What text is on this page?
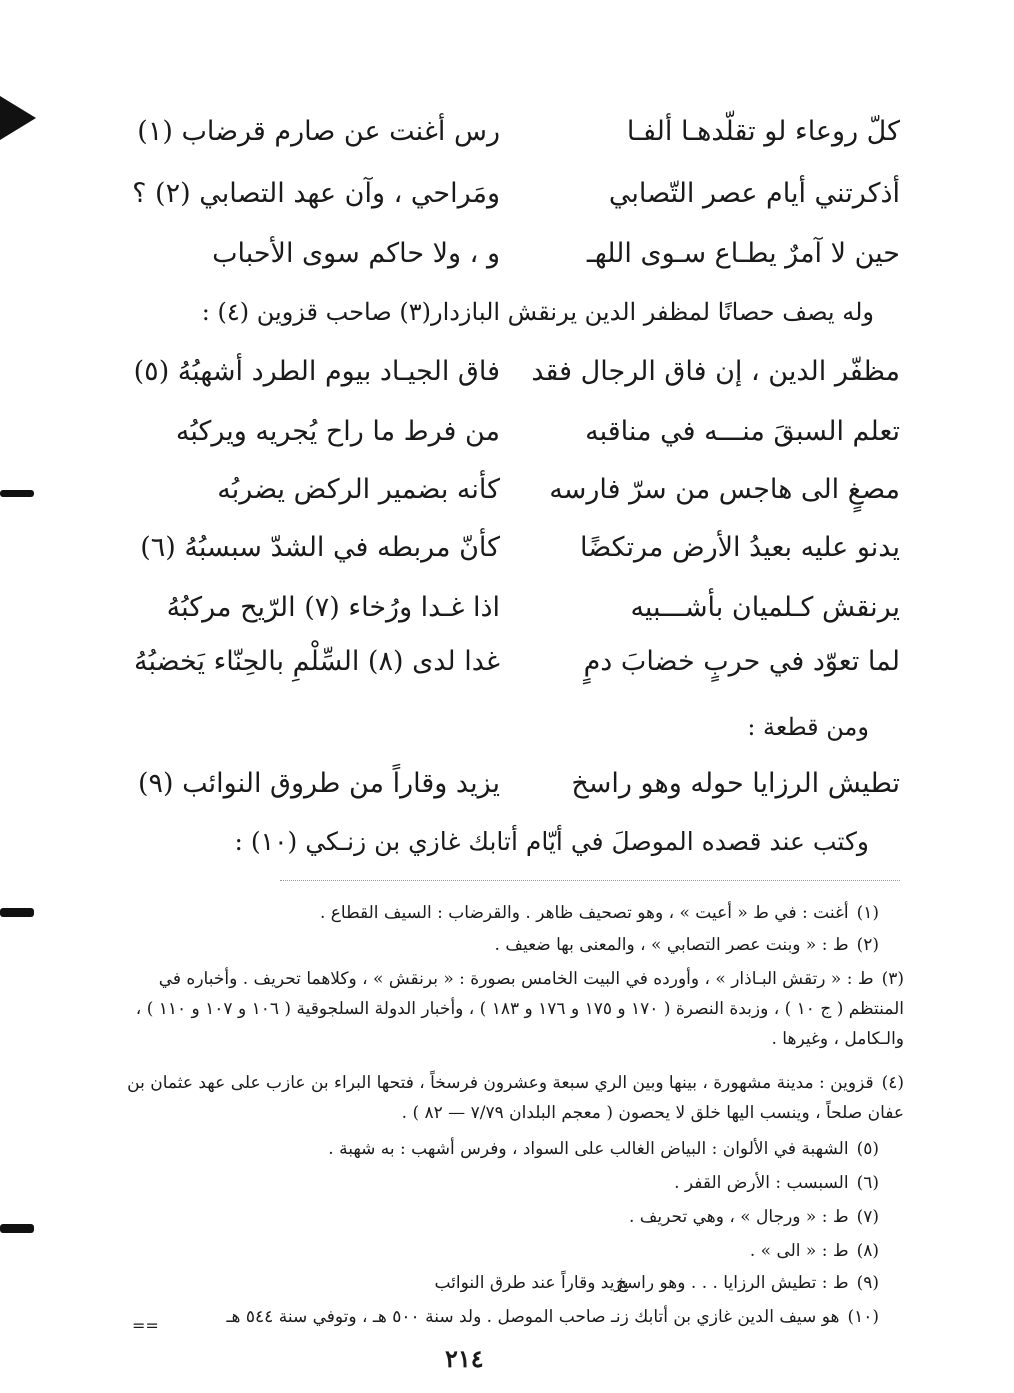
كلّ روعاء لو تقلّدهـا ألفـا
رس أغنت عن صارم قرضاب (١)
أذكرتني أيام عصر التّصابي
ومَراحي ، وآن عهد التصابي (٢) ؟
حين لا آمرٌ يطـاع سـوى اللهـ
و ، ولا حاكم سوى الأحباب
وله يصف حصانًا لمظفر الدين يرنقش البازدار(٣) صاحب قزوين (٤) :
مظفّر الدين ، إن فاق الرجال فقد
فاق الجيـاد بيوم الطرد أشهبُهُ (٥)
تعلم السبقَ منـــه في مناقبه
من فرط ما راح يُجريه ويركبُه
مصغٍ الى هاجس من سرّ فارسه
كأنه بضمير الركض يضربُه
يدنو عليه بعيدُ الأرض مرتكضًا
كأنّ مربطه في الشدّ سبسبُهُ (٦)
يرنقش كـلميان بأشـــبيه
اذا غـدا ورُخاء (٧) الرّيح مركبُهُ
لما تعوّد في حربٍ خضابَ دمٍ
غدا لدى (٨) السِّلْمِ بالحِنّاء يَخضبُهُ
ومن قطعة :
تطيش الرزايا حوله وهو راسخ
يزيد وقاراً من طروق النوائب (٩)
وكتب عند قصده الموصلَ في أيّام أتابك غازي بن زنـكي (١٠) :
(١)أغنت : في ط « أعيت » ، وهو تصحيف ظاهر . والقرضاب : السيف القطاع .
(٢)ط : « وبنت عصر التصابي » ، والمعنى بها ضعيف .
(٣)ط : « رتقش البـاذار » ، وأورده في البيت الخامس بصورة : « برنقش » ، وكلاهما تحريف . وأخباره في المنتظم ( ج ١٠ ) ، وزبدة النصرة ( ١٧٠ و ١٧٥ و ١٧٦ و ١٨٣ ) ، وأخبار الدولة السلجوقية ( ١٠٦ و ١٠٧ و ١١٠ ) ، والـكامل ، وغيرها .
(٤)قزوين : مدينة مشهورة ، بينها وبين الري سبعة وعشرون فرسخاً ، فتحها البراء بن عازب على عهد عثمان بن عفان صلحاً ، وينسب اليها خلق لا يحصون ( معجم البلدان ٧/٧٩ — ٨٢ ) .
(٥)الشهبة في الألوان : البياض الغالب على السواد ، وفرس أشهب : به شهبة .
(٦)السبسب : الأرض القفر .
(٧)ط : « ورجال » ، وهي تحريف .
(٨)ط : « الى » .
(٩)ط : تطيش الرزايا . . . وهو راسخيزيد وقاراً عند طرق النوائب
(١٠)هو سيف الدين غازي بن أتابك زنـ صاحب الموصل . ولد سنة ٥٠٠ هـ ، وتوفي سنة ٥٤٤ هـ
==
٢١٤
